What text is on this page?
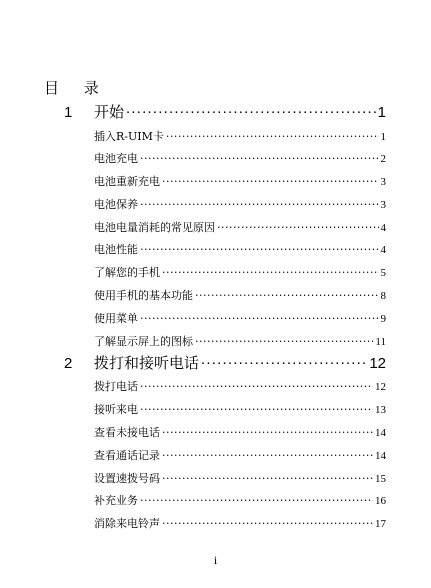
目 录
1	开始 .....	1
插入R-UIM卡 .....	1
电池充电 .....	2
电池重新充电 .....	3
电池保养 .....	3
电池电量消耗的常见原因 .....	4
电池性能 .....	4
了解您的手机 .....	5
使用手机的基本功能 .....	8
使用菜单 .....	9
了解显示屏上的图标 .....	11
2	拨打和接听电话 .....	12
拨打电话 .....	12
接听来电 .....	13
查看未接电话 .....	14
查看通话记录 .....	14
设置速拨号码 .....	15
补充业务 .....	16
消除来电铃声 .....	17
i
